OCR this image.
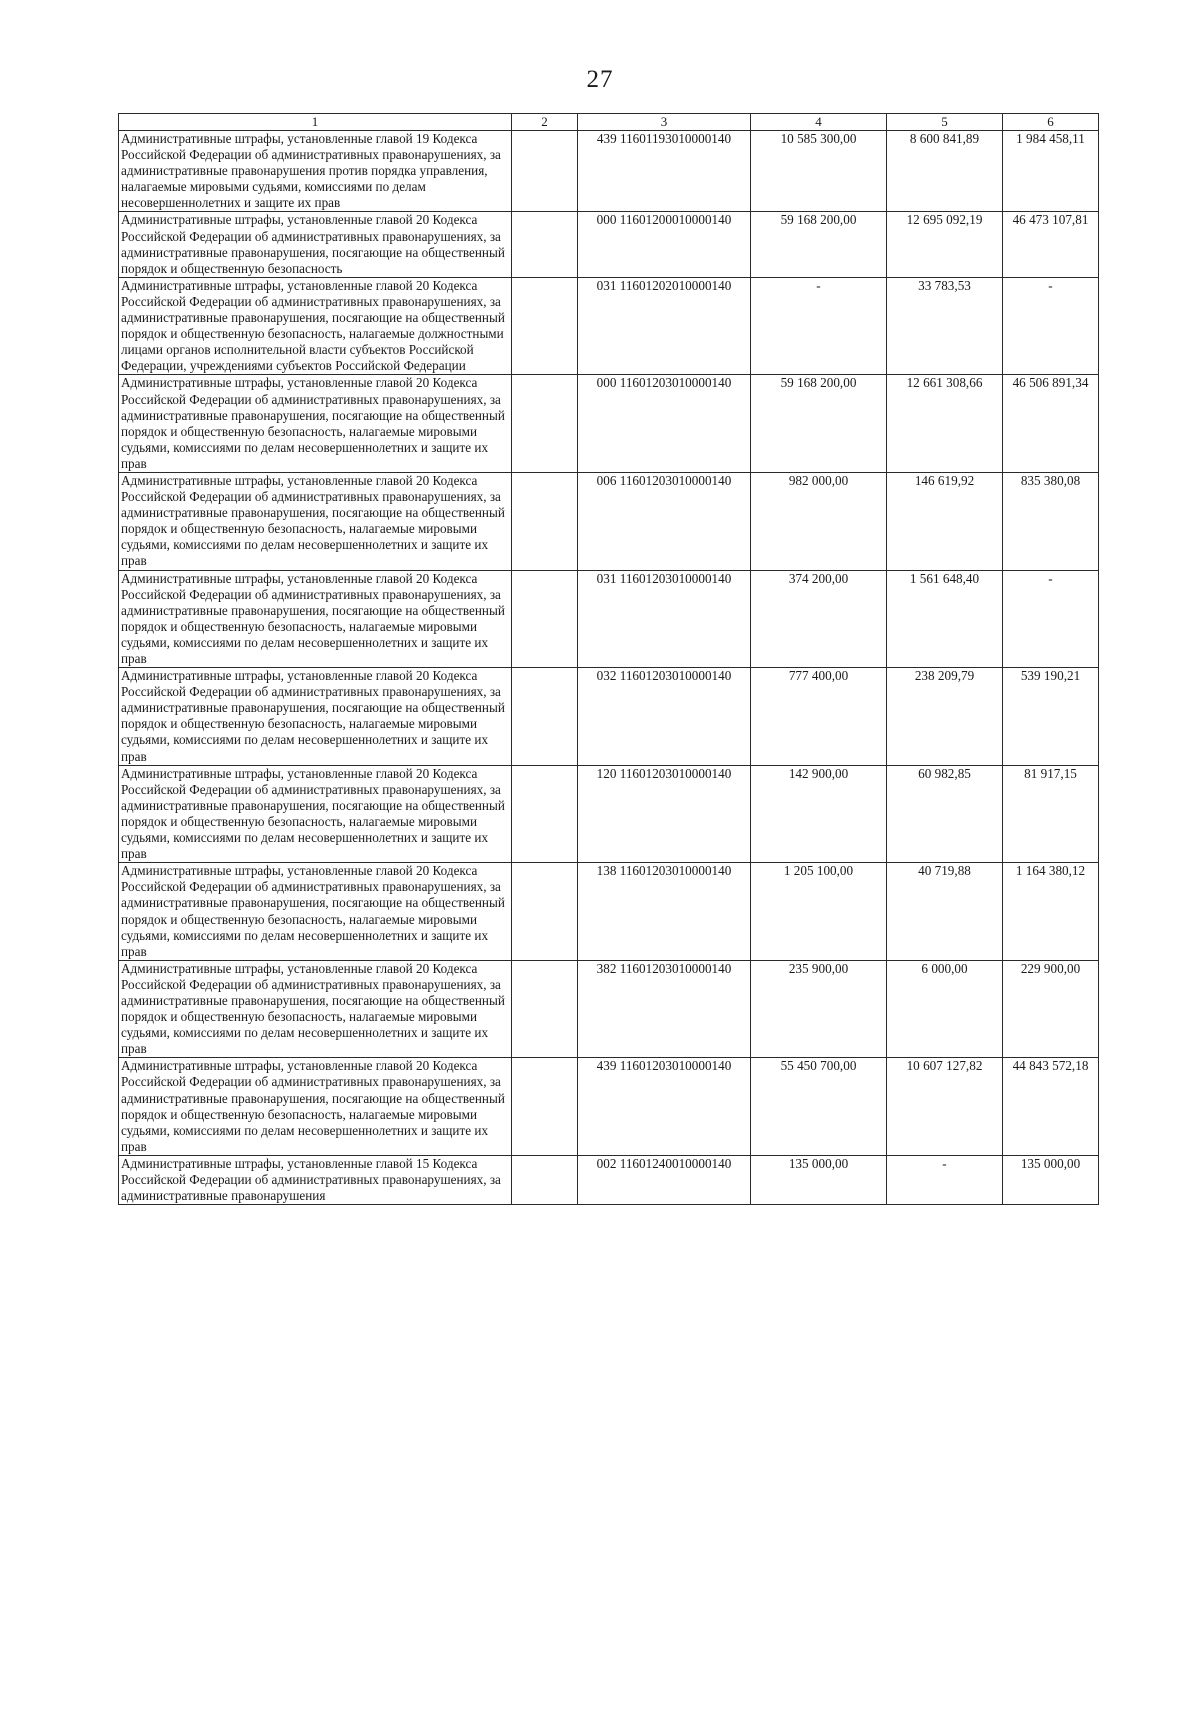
27
1	2	3	4	5	6
Административные штрафы, установленные главой 19 Кодекса Российской Федерации об административных правонарушениях, за административные правонарушения против порядка управления, налагаемые мировыми судьями, комиссиями по делам несовершеннолетних и защите их прав		439 11601193010000140	10 585 300,00	8 600 841,89	1 984 458,11
Административные штрафы, установленные главой 20 Кодекса Российской Федерации об административных правонарушениях, за административные правонарушения, посягающие на общественный порядок и общественную безопасность		000 11601200010000140	59 168 200,00	12 695 092,19	46 473 107,81
Административные штрафы, установленные главой 20 Кодекса Российской Федерации об административных правонарушениях, за административные правонарушения, посягающие на общественный порядок и общественную безопасность, налагаемые должностными лицами органов исполнительной власти субъектов Российской Федерации, учреждениями субъектов Российской Федерации		031 11601202010000140	-	33 783,53	-
Административные штрафы, установленные главой 20 Кодекса Российской Федерации об административных правонарушениях, за административные правонарушения, посягающие на общественный порядок и общественную безопасность, налагаемые мировыми судьями, комиссиями по делам несовершеннолетних и защите их прав		000 11601203010000140	59 168 200,00	12 661 308,66	46 506 891,34
Административные штрафы, установленные главой 20 Кодекса Российской Федерации об административных правонарушениях, за административные правонарушения, посягающие на общественный порядок и общественную безопасность, налагаемые мировыми судьями, комиссиями по делам несовершеннолетних и защите их прав		006 11601203010000140	982 000,00	146 619,92	835 380,08
Административные штрафы, установленные главой 20 Кодекса Российской Федерации об административных правонарушениях, за административные правонарушения, посягающие на общественный порядок и общественную безопасность, налагаемые мировыми судьями, комиссиями по делам несовершеннолетних и защите их прав		031 11601203010000140	374 200,00	1 561 648,40	-
Административные штрафы, установленные главой 20 Кодекса Российской Федерации об административных правонарушениях, за административные правонарушения, посягающие на общественный порядок и общественную безопасность, налагаемые мировыми судьями, комиссиями по делам несовершеннолетних и защите их прав		032 11601203010000140	777 400,00	238 209,79	539 190,21
Административные штрафы, установленные главой 20 Кодекса Российской Федерации об административных правонарушениях, за административные правонарушения, посягающие на общественный порядок и общественную безопасность, налагаемые мировыми судьями, комиссиями по делам несовершеннолетних и защите их прав		120 11601203010000140	142 900,00	60 982,85	81 917,15
Административные штрафы, установленные главой 20 Кодекса Российской Федерации об административных правонарушениях, за административные правонарушения, посягающие на общественный порядок и общественную безопасность, налагаемые мировыми судьями, комиссиями по делам несовершеннолетних и защите их прав		138 11601203010000140	1 205 100,00	40 719,88	1 164 380,12
Административные штрафы, установленные главой 20 Кодекса Российской Федерации об административных правонарушениях, за административные правонарушения, посягающие на общественный порядок и общественную безопасность, налагаемые мировыми судьями, комиссиями по делам несовершеннолетних и защите их прав		382 11601203010000140	235 900,00	6 000,00	229 900,00
Административные штрафы, установленные главой 20 Кодекса Российской Федерации об административных правонарушениях, за административные правонарушения, посягающие на общественный порядок и общественную безопасность, налагаемые мировыми судьями, комиссиями по делам несовершеннолетних и защите их прав		439 11601203010000140	55 450 700,00	10 607 127,82	44 843 572,18
Административные штрафы, установленные главой 15 Кодекса Российской Федерации об административных правонарушениях, за административные правонарушения		002 11601240010000140	135 000,00	-	135 000,00
